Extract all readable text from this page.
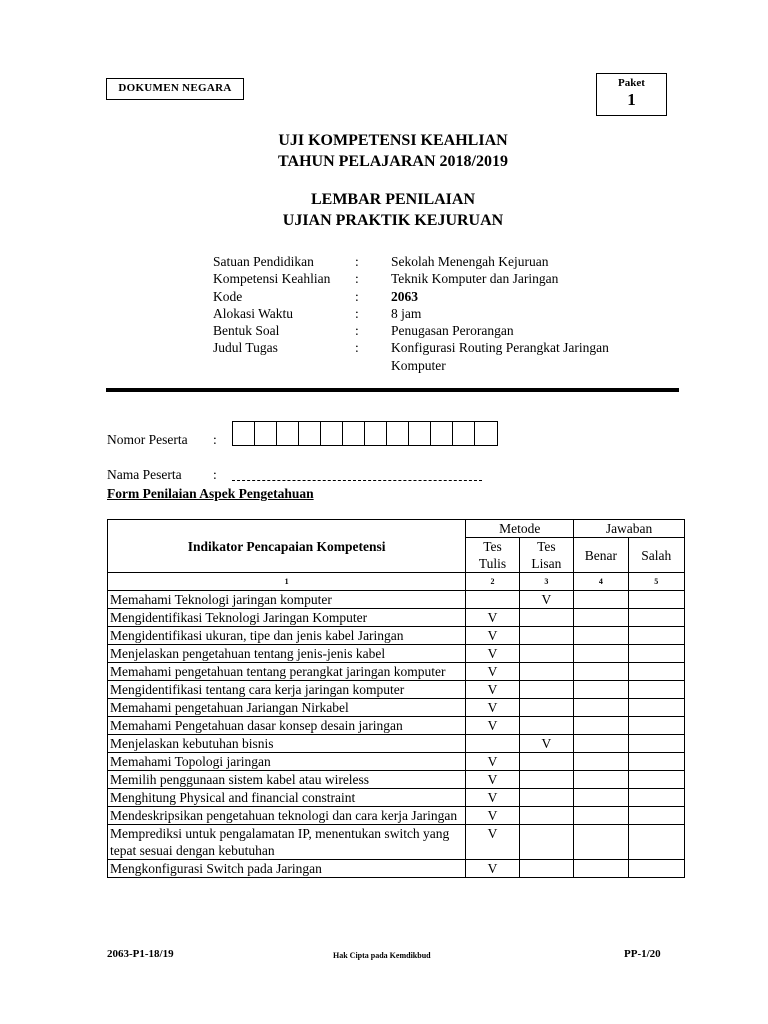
DOKUMEN NEGARA	Paket
1
UJI KOMPETENSI KEAHLIAN
TAHUN PELAJARAN 2018/2019
LEMBAR PENILAIAN
UJIAN PRAKTIK KEJURUAN
Satuan Pendidikan	:	Sekolah Menengah Kejuruan
Kompetensi Keahlian	:	Teknik Komputer dan Jaringan
Kode	:	2063
Alokasi Waktu	:	8 jam
Bentuk Soal	:	Penugasan Perorangan
Judul Tugas	:	Konfigurasi Routing Perangkat Jaringan Komputer
Nomor Peserta :
Nama Peserta :
Form Penilaian Aspek Pengetahuan
Indikator Pencapaian Kompetensi	Metode		Jawaban	
	Tes Tulis	Tes Lisan	Benar	Salah
1	2	3	4	5
Memahami Teknologi jaringan komputer		V		
Mengidentifikasi Teknologi Jaringan Komputer	V			
Mengidentifikasi ukuran, tipe dan jenis kabel Jaringan	V			
Menjelaskan pengetahuan tentang jenis-jenis kabel	V			
Memahami pengetahuan tentang perangkat jaringan komputer	V			
Mengidentifikasi tentang cara kerja jaringan komputer	V			
Memahami pengetahuan Jariangan Nirkabel	V			
Memahami Pengetahuan dasar konsep desain jaringan	V			
Menjelaskan kebutuhan bisnis		V		
Memahami Topologi jaringan	V			
Memilih penggunaan sistem kabel atau wireless	V			
Menghitung Physical and financial constraint	V			
Mendeskripsikan pengetahuan teknologi dan cara kerja Jaringan	V			
Memprediksi untuk pengalamatan IP, menentukan switch yang tepat sesuai dengan kebutuhan	V			
Mengkonfigurasi Switch pada Jaringan	V			
2063-P1-18/19	Hak Cipta pada Kemdikbud	PP-1/20
